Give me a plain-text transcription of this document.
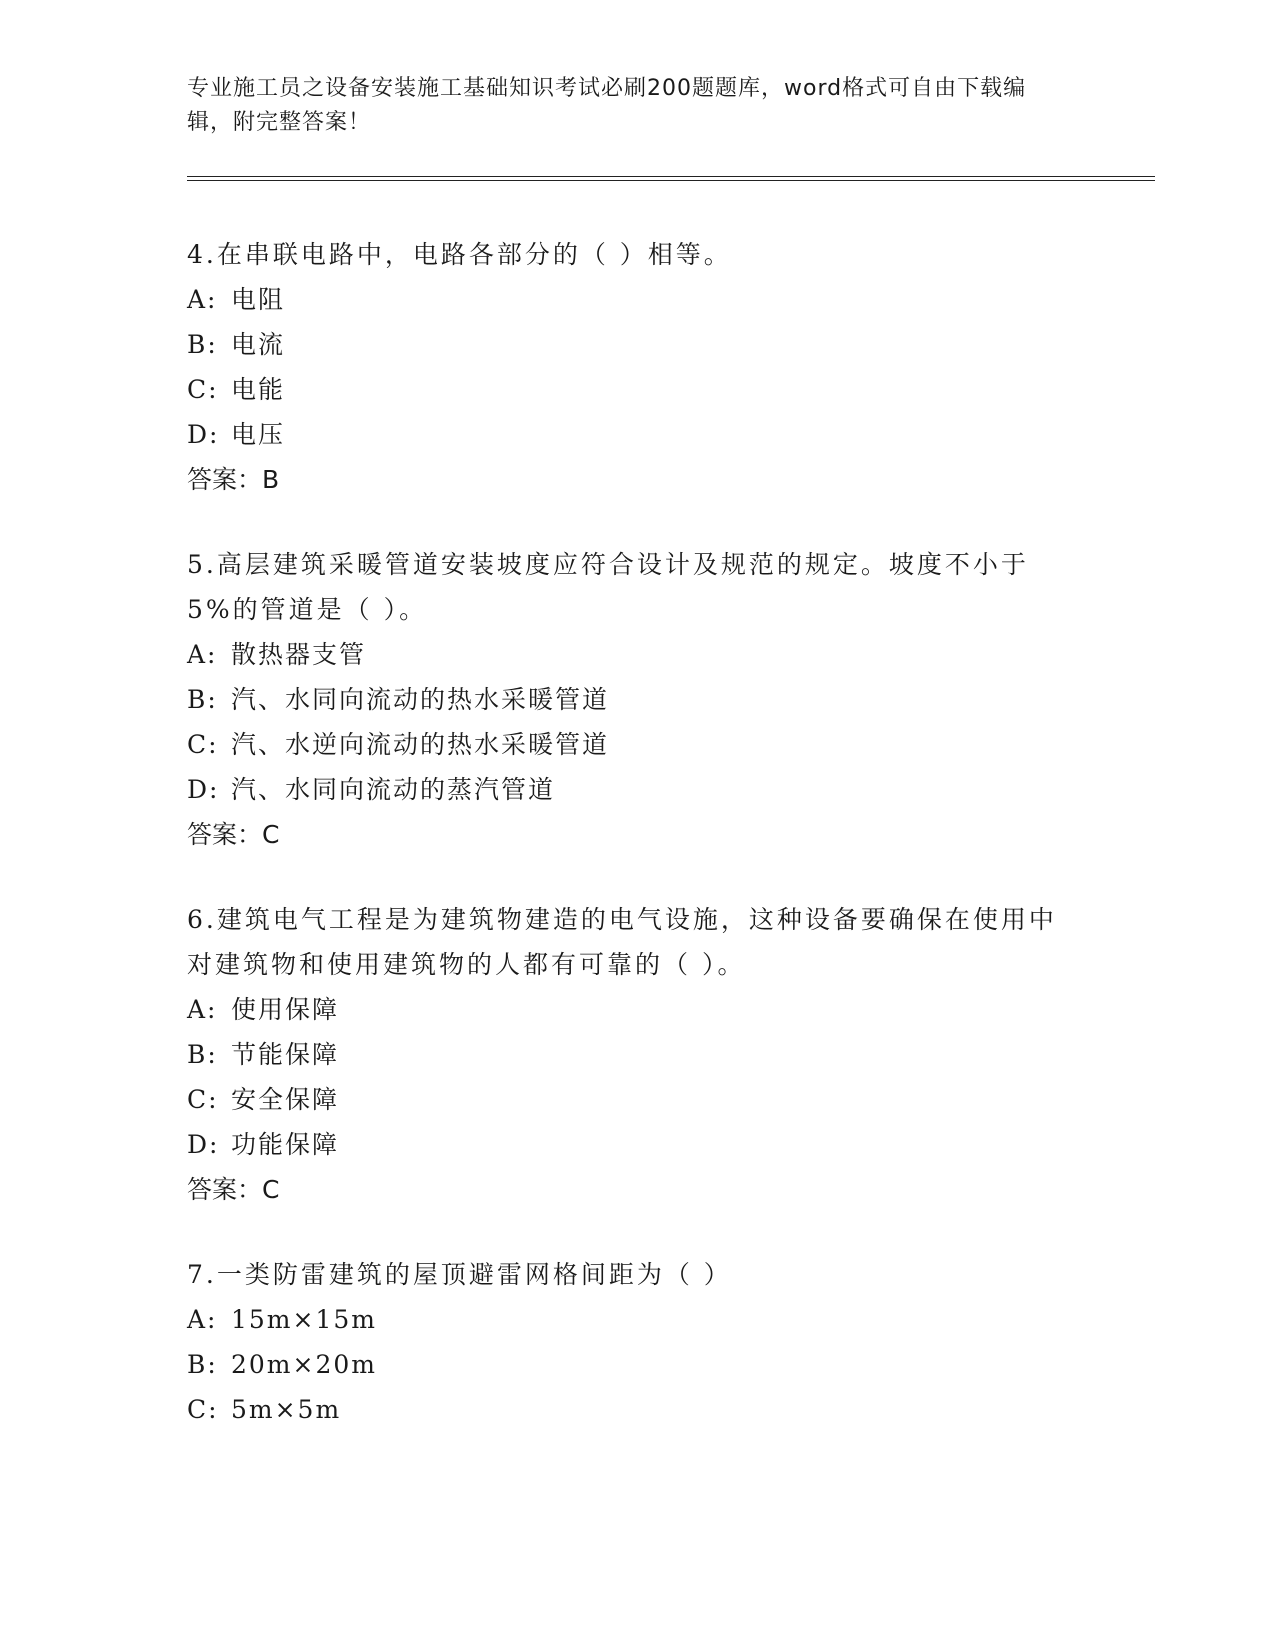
专业施工员之设备安装施工基础知识考试必刷200题题库，word格式可自由下载编辑，附完整答案！

4.在串联电路中，电路各部分的（ ）相等。

A: 电阻

B: 电流

C: 电能

D: 电压

答案：B

5.高层建筑采暖管道安装坡度应符合设计及规范的规定。坡度不小于5%的管道是（ ）。

A: 散热器支管

B: 汽、水同向流动的热水采暖管道

C: 汽、水逆向流动的热水采暖管道

D: 汽、水同向流动的蒸汽管道

答案：C

6.建筑电气工程是为建筑物建造的电气设施，这种设备要确保在使用中对建筑物和使用建筑物的人都有可靠的（ ）。

A: 使用保障

B: 节能保障

C: 安全保障

D: 功能保障

答案：C

7.一类防雷建筑的屋顶避雷网格间距为（ ）

A: 15m×15m

B: 20m×20m

C: 5m×5m
